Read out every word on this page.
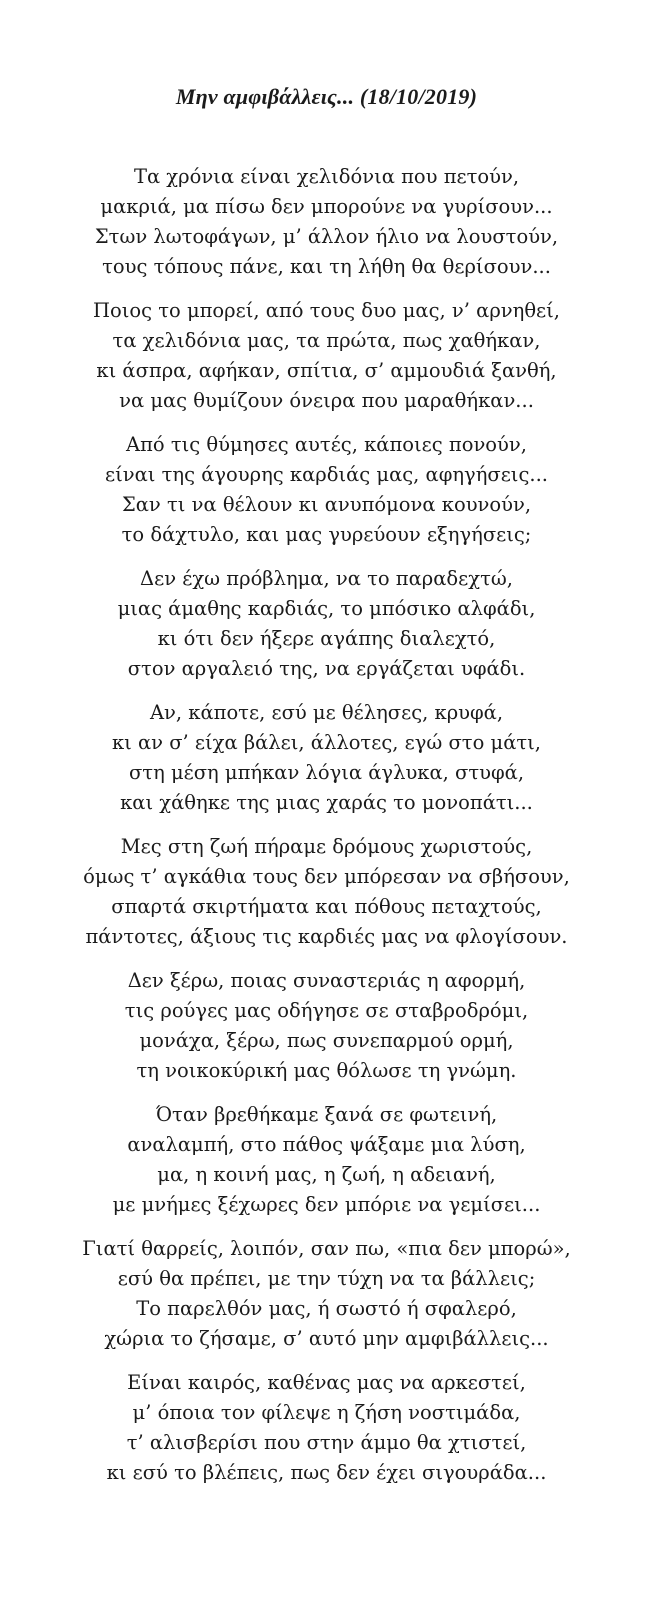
Μην αμφιβάλλεις... (18/10/2019)

Τα χρόνια είναι χελιδόνια που πετούν,

μακριά, μα πίσω δεν μπορούνε να γυρίσουν...

Στων λωτοφάγων, μ’ άλλον ήλιο να λουστούν,

τους τόπους πάνε, και τη λήθη θα θερίσουν...

Ποιος το μπορεί, από τους δυο μας, ν’ αρνηθεί,

τα χελιδόνια μας, τα πρώτα, πως χαθήκαν,

κι άσπρα, αφήκαν, σπίτια, σ’ αμμουδιά ξανθή,

να μας θυμίζουν όνειρα που μαραθήκαν...

Από τις θύμησες αυτές, κάποιες πονούν,

είναι της άγουρης καρδιάς μας, αφηγήσεις...

Σαν τι να θέλουν κι ανυπόμονα κουνούν,

το δάχτυλο, και μας γυρεύουν εξηγήσεις;

Δεν έχω πρόβλημα, να το παραδεχτώ,

μιας άμαθης καρδιάς, το μπόσικο αλφάδι,

κι ότι δεν ήξερε αγάπης διαλεχτό,

στον αργαλειό της, να εργάζεται υφάδι.

Αν, κάποτε, εσύ με θέλησες, κρυφά,

κι αν σ’ είχα βάλει, άλλοτες, εγώ στο μάτι,

στη μέση μπήκαν λόγια άγλυκα, στυφά,

και χάθηκε της μιας χαράς το μονοπάτι...

Μες στη ζωή πήραμε δρόμους χωριστούς,

όμως τ’ αγκάθια τους δεν μπόρεσαν να σβήσουν,

σπαρτά σκιρτήματα και πόθους πεταχτούς,

πάντοτες, άξιους τις καρδιές μας να φλογίσουν.

Δεν ξέρω, ποιας συναστεριάς η αφορμή,

τις ρούγες μας οδήγησε σε σταβροδρόμι,

μονάχα, ξέρω, πως συνεπαρμού ορμή,

τη νοικοκύρική μας θόλωσε τη γνώμη.

Όταν βρεθήκαμε ξανά σε φωτεινή,

αναλαμπή, στο πάθος ψάξαμε μια λύση,

μα, η κοινή μας, η ζωή, η αδειανή,

με μνήμες ξέχωρες δεν μπόριε να γεμίσει...

Γιατί θαρρείς, λοιπόν, σαν πω, «πια δεν μπορώ»,

εσύ θα πρέπει, με την τύχη να τα βάλλεις;

Το παρελθόν μας, ή σωστό ή σφαλερό,

χώρια το ζήσαμε, σ’ αυτό μην αμφιβάλλεις...

Είναι καιρός, καθένας μας να αρκεστεί,

μ’ όποια τον φίλεψε η ζήση νοστιμάδα,

τ’ αλισβερίσι που στην άμμο θα χτιστεί,

κι εσύ το βλέπεις, πως δεν έχει σιγουράδα...
